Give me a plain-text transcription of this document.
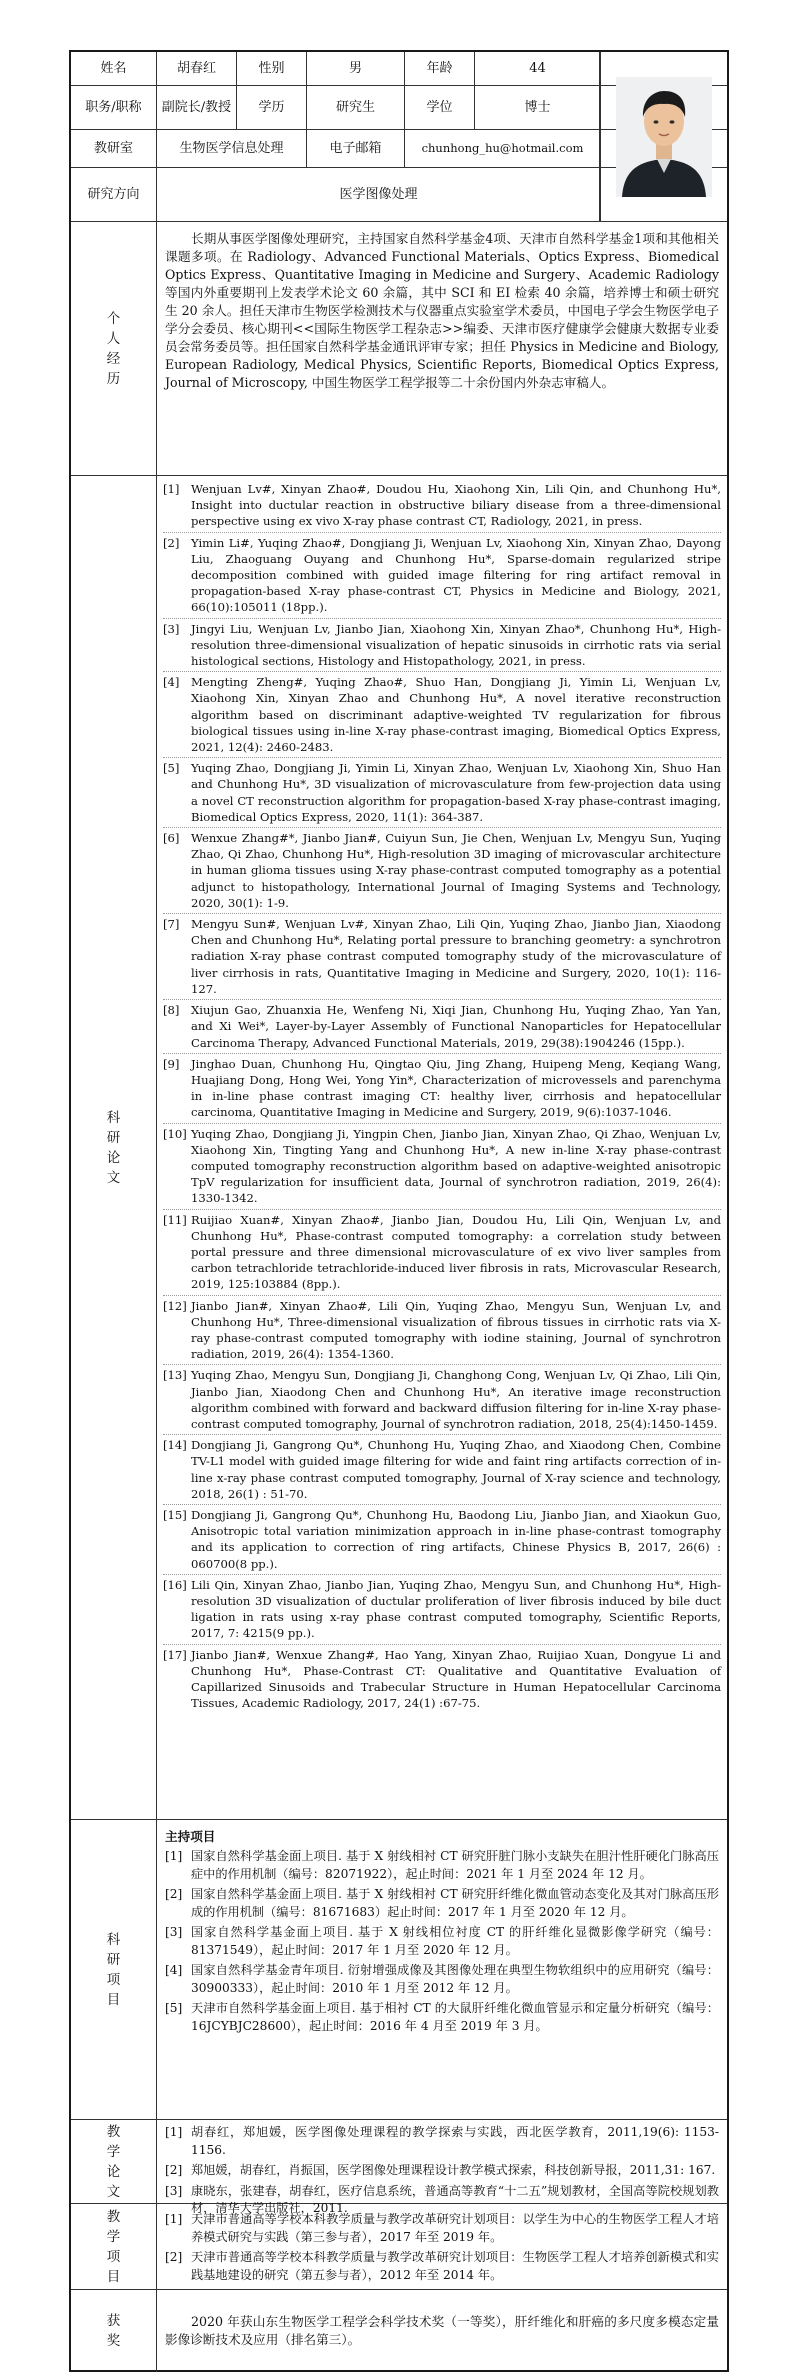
姓名	胡春红	性别	男	年龄	44
职务/职称	副院长/教授	学历	研究生	学位	博士
教研室	生物医学信息处理	电子邮箱	chunhong_hu@hotmail.com
研究方向	医学图像处理
个人经历

长期从事医学图像处理研究，主持国家自然科学基金4项、天津市自然科学基金1项和其他相关课题多项。在 Radiology、Advanced Functional Materials、Optics Express、Biomedical Optics Express、Quantitative Imaging in Medicine and Surgery、Academic Radiology 等国内外重要期刊上发表学术论文 60 余篇，其中 SCI 和 EI 检索 40 余篇，培养博士和硕士研究生 20 余人。担任天津市生物医学检测技术与仪器重点实验室学术委员，中国电子学会生物医学电子学分会委员、核心期刊<<国际生物医学工程杂志>>编委、天津市医疗健康学会健康大数据专业委员会常务委员等。担任国家自然科学基金通讯评审专家；担任 Physics in Medicine and Biology, European Radiology, Medical Physics, Scientific Reports, Biomedical Optics Express, Journal of Microscopy, 中国生物医学工程学报等二十余份国内外杂志审稿人。

科研论文
[1] Wenjuan Lv#, Xinyan Zhao#, Doudou Hu, Xiaohong Xin, Lili Qin, and Chunhong Hu*, Insight into ductular reaction in obstructive biliary disease from a three-dimensional perspective using ex vivo X-ray phase contrast CT, Radiology, 2021, in press.
[2] Yimin Li#, Yuqing Zhao#, Dongjiang Ji, Wenjuan Lv, Xiaohong Xin, Xinyan Zhao, Dayong Liu, Zhaoguang Ouyang and Chunhong Hu*, Sparse-domain regularized stripe decomposition combined with guided image filtering for ring artifact removal in propagation-based X-ray phase-contrast CT, Physics in Medicine and Biology, 2021, 66(10):105011 (18pp.).
[3] Jingyi Liu, Wenjuan Lv, Jianbo Jian, Xiaohong Xin, Xinyan Zhao*, Chunhong Hu*, High-resolution three-dimensional visualization of hepatic sinusoids in cirrhotic rats via serial histological sections, Histology and Histopathology, 2021, in press.
[4] Mengting Zheng#, Yuqing Zhao#, Shuo Han, Dongjiang Ji, Yimin Li, Wenjuan Lv, Xiaohong Xin, Xinyan Zhao and Chunhong Hu*, A novel iterative reconstruction algorithm based on discriminant adaptive-weighted TV regularization for fibrous biological tissues using in-line X-ray phase-contrast imaging, Biomedical Optics Express, 2021, 12(4): 2460-2483.
[5] Yuqing Zhao, Dongjiang Ji, Yimin Li, Xinyan Zhao, Wenjuan Lv, Xiaohong Xin, Shuo Han and Chunhong Hu*, 3D visualization of microvasculature from few-projection data using a novel CT reconstruction algorithm for propagation-based X-ray phase-contrast imaging, Biomedical Optics Express, 2020, 11(1): 364-387.
[6] Wenxue Zhang#*, Jianbo Jian#, Cuiyun Sun, Jie Chen, Wenjuan Lv, Mengyu Sun, Yuqing Zhao, Qi Zhao, Chunhong Hu*, High-resolution 3D imaging of microvascular architecture in human glioma tissues using X-ray phase-contrast computed tomography as a potential adjunct to histopathology, International Journal of Imaging Systems and Technology, 2020, 30(1): 1-9.
[7] Mengyu Sun#, Wenjuan Lv#, Xinyan Zhao, Lili Qin, Yuqing Zhao, Jianbo Jian, Xiaodong Chen and Chunhong Hu*, Relating portal pressure to branching geometry: a synchrotron radiation X-ray phase contrast computed tomography study of the microvasculature of liver cirrhosis in rats, Quantitative Imaging in Medicine and Surgery, 2020, 10(1): 116-127.
[8] Xiujun Gao, Zhuanxia He, Wenfeng Ni, Xiqi Jian, Chunhong Hu, Yuqing Zhao, Yan Yan, and Xi Wei*, Layer-by-Layer Assembly of Functional Nanoparticles for Hepatocellular Carcinoma Therapy, Advanced Functional Materials, 2019, 29(38):1904246 (15pp.).
[9] Jinghao Duan, Chunhong Hu, Qingtao Qiu, Jing Zhang, Huipeng Meng, Keqiang Wang, Huajiang Dong, Hong Wei, Yong Yin*, Characterization of microvessels and parenchyma in in-line phase contrast imaging CT: healthy liver, cirrhosis and hepatocellular carcinoma, Quantitative Imaging in Medicine and Surgery, 2019, 9(6):1037-1046.
[10] Yuqing Zhao, Dongjiang Ji, Yingpin Chen, Jianbo Jian, Xinyan Zhao, Qi Zhao, Wenjuan Lv, Xiaohong Xin, Tingting Yang and Chunhong Hu*, A new in-line X-ray phase-contrast computed tomography reconstruction algorithm based on adaptive-weighted anisotropic TpV regularization for insufficient data, Journal of synchrotron radiation, 2019, 26(4): 1330-1342.
[11] Ruijiao Xuan#, Xinyan Zhao#, Jianbo Jian, Doudou Hu, Lili Qin, Wenjuan Lv, and Chunhong Hu*, Phase-contrast computed tomography: a correlation study between portal pressure and three dimensional microvasculature of ex vivo liver samples from carbon tetrachloride tetrachloride-induced liver fibrosis in rats, Microvascular Research, 2019, 125:103884 (8pp.).
[12] Jianbo Jian#, Xinyan Zhao#, Lili Qin, Yuqing Zhao, Mengyu Sun, Wenjuan Lv, and Chunhong Hu*, Three-dimensional visualization of fibrous tissues in cirrhotic rats via X-ray phase-contrast computed tomography with iodine staining, Journal of synchrotron radiation, 2019, 26(4): 1354-1360.
[13] Yuqing Zhao, Mengyu Sun, Dongjiang Ji, Changhong Cong, Wenjuan Lv, Qi Zhao, Lili Qin, Jianbo Jian, Xiaodong Chen and Chunhong Hu*, An iterative image reconstruction algorithm combined with forward and backward diffusion filtering for in-line X-ray phase-contrast computed tomography, Journal of synchrotron radiation, 2018, 25(4):1450-1459.
[14] Dongjiang Ji, Gangrong Qu*, Chunhong Hu, Yuqing Zhao, and Xiaodong Chen, Combine TV-L1 model with guided image filtering for wide and faint ring artifacts correction of in-line x-ray phase contrast computed tomography, Journal of X-ray science and technology, 2018, 26(1) : 51-70.
[15] Dongjiang Ji, Gangrong Qu*, Chunhong Hu, Baodong Liu, Jianbo Jian, and Xiaokun Guo, Anisotropic total variation minimization approach in in-line phase-contrast tomography and its application to correction of ring artifacts, Chinese Physics B, 2017, 26(6) : 060700(8 pp.).
[16] Lili Qin, Xinyan Zhao, Jianbo Jian, Yuqing Zhao, Mengyu Sun, and Chunhong Hu*, High-resolution 3D visualization of ductular proliferation of liver fibrosis induced by bile duct ligation in rats using x-ray phase contrast computed tomography, Scientific Reports, 2017, 7: 4215(9 pp.).
[17] Jianbo Jian#, Wenxue Zhang#, Hao Yang, Xinyan Zhao, Ruijiao Xuan, Dongyue Li and Chunhong Hu*, Phase-Contrast CT: Qualitative and Quantitative Evaluation of Capillarized Sinusoids and Trabecular Structure in Human Hepatocellular Carcinoma Tissues, Academic Radiology, 2017, 24(1) :67-75.
科研项目

主持项目

[1] 国家自然科学基金面上项目. 基于 X 射线相衬 CT 研究肝脏门脉小支缺失在胆汁性肝硬化门脉高压症中的作用机制（编号：82071922），起止时间：2021 年 1 月至 2024 年 12 月。
[2] 国家自然科学基金面上项目. 基于 X 射线相衬 CT 研究肝纤维化微血管动态变化及其对门脉高压形成的作用机制（编号：81671683）起止时间：2017 年 1 月至 2020 年 12 月。
[3] 国家自然科学基金面上项目. 基于 X 射线相位衬度 CT 的肝纤维化显微影像学研究（编号：81371549），起止时间：2017 年 1 月至 2020 年 12 月。
[4] 国家自然科学基金青年项目. 衍射增强成像及其图像处理在典型生物软组织中的应用研究（编号：30900333），起止时间：2010 年 1 月至 2012 年 12 月。
[5] 天津市自然科学基金面上项目. 基于相衬 CT 的大鼠肝纤维化微血管显示和定量分析研究（编号：16JCYBJC28600），起止时间：2016 年 4 月至 2019 年 3 月。
教学论文
[1] 胡春红，郑旭媛，医学图像处理课程的教学探索与实践，西北医学教育，2011,19(6): 1153-1156.
[2] 郑旭媛，胡春红，肖振国，医学图像处理课程设计教学模式探索，科技创新导报，2011,31: 167.
[3] 康晓东，张建春，胡春红，医疗信息系统，普通高等教育“十二五”规划教材，全国高等院校规划教材，清华大学出版社，2011.
教学项目
[1] 天津市普通高等学校本科教学质量与教学改革研究计划项目：以学生为中心的生物医学工程人才培养模式研究与实践（第三参与者），2017 年至 2019 年。
[2] 天津市普通高等学校本科教学质量与教学改革研究计划项目：生物医学工程人才培养创新模式和实践基地建设的研究（第五参与者），2012 年至 2014 年。
获奖

2020 年获山东生物医学工程学会科学技术奖（一等奖），肝纤维化和肝癌的多尺度多模态定量影像诊断技术及应用（排名第三）。
